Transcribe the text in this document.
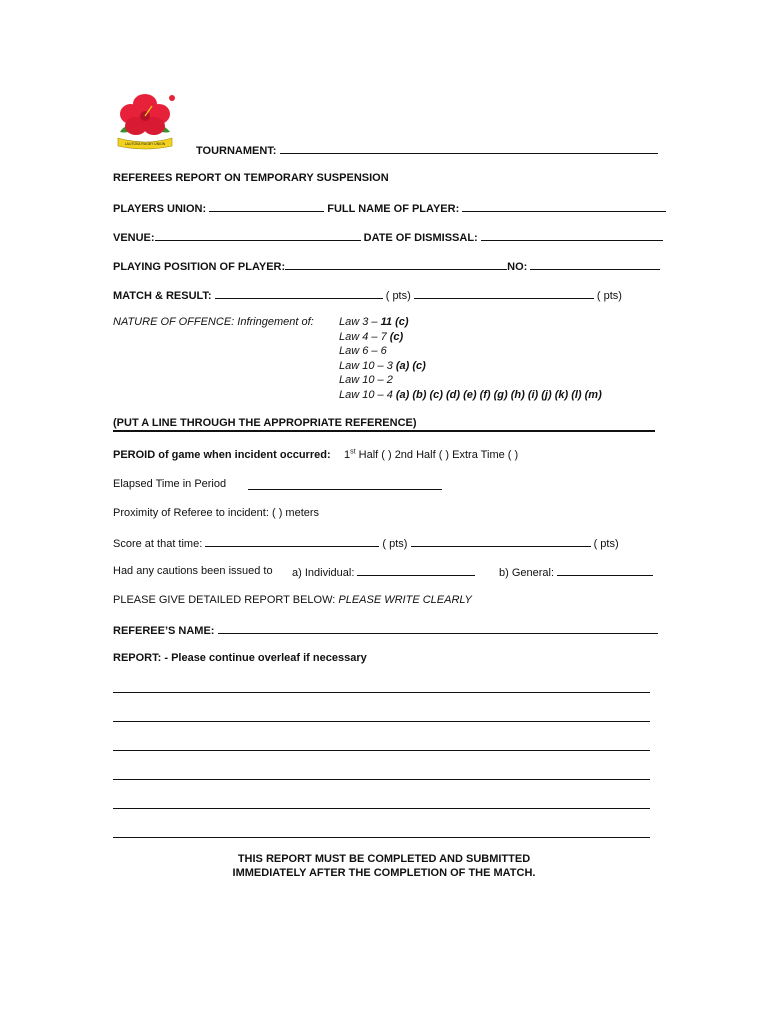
LAUTOKA RUGBY UNION
TOURNAMENT:
REFEREES REPORT ON TEMPORARY SUSPENSION
PLAYERS UNION:	FULL NAME OF PLAYER:
VENUE:	DATE OF DISMISSAL:
PLAYING POSITION OF PLAYER:	NO:
MATCH & RESULT:	( pts)	( pts)
NATURE OF OFFENCE: Infringement of: Law 3 – 11 (c)
Law 4 – 7 (c)
Law 6 – 6
Law 10 – 3 (a) (c)
Law 10 – 2
Law 10 – 4 (a) (b) (c) (d) (e) (f) (g) (h) (i) (j) (k) (l) (m)
(PUT A LINE THROUGH THE APPROPRIATE REFERENCE)
PEROID of game when incident occurred: 1st Half ( ) 2nd Half ( ) Extra Time ( )
Elapsed Time in Period
Proximity of Referee to incident: ( ) meters
Score at that time:	( pts)	( pts)
Had any cautions been issued to a) Individual:	b) General:
PLEASE GIVE DETAILED REPORT BELOW: PLEASE WRITE CLEARLY
REFEREE’S NAME:
REPORT: - Please continue overleaf if necessary
THIS REPORT MUST BE COMPLETED AND SUBMITTED
IMMEDIATELY AFTER THE COMPLETION OF THE MATCH.
